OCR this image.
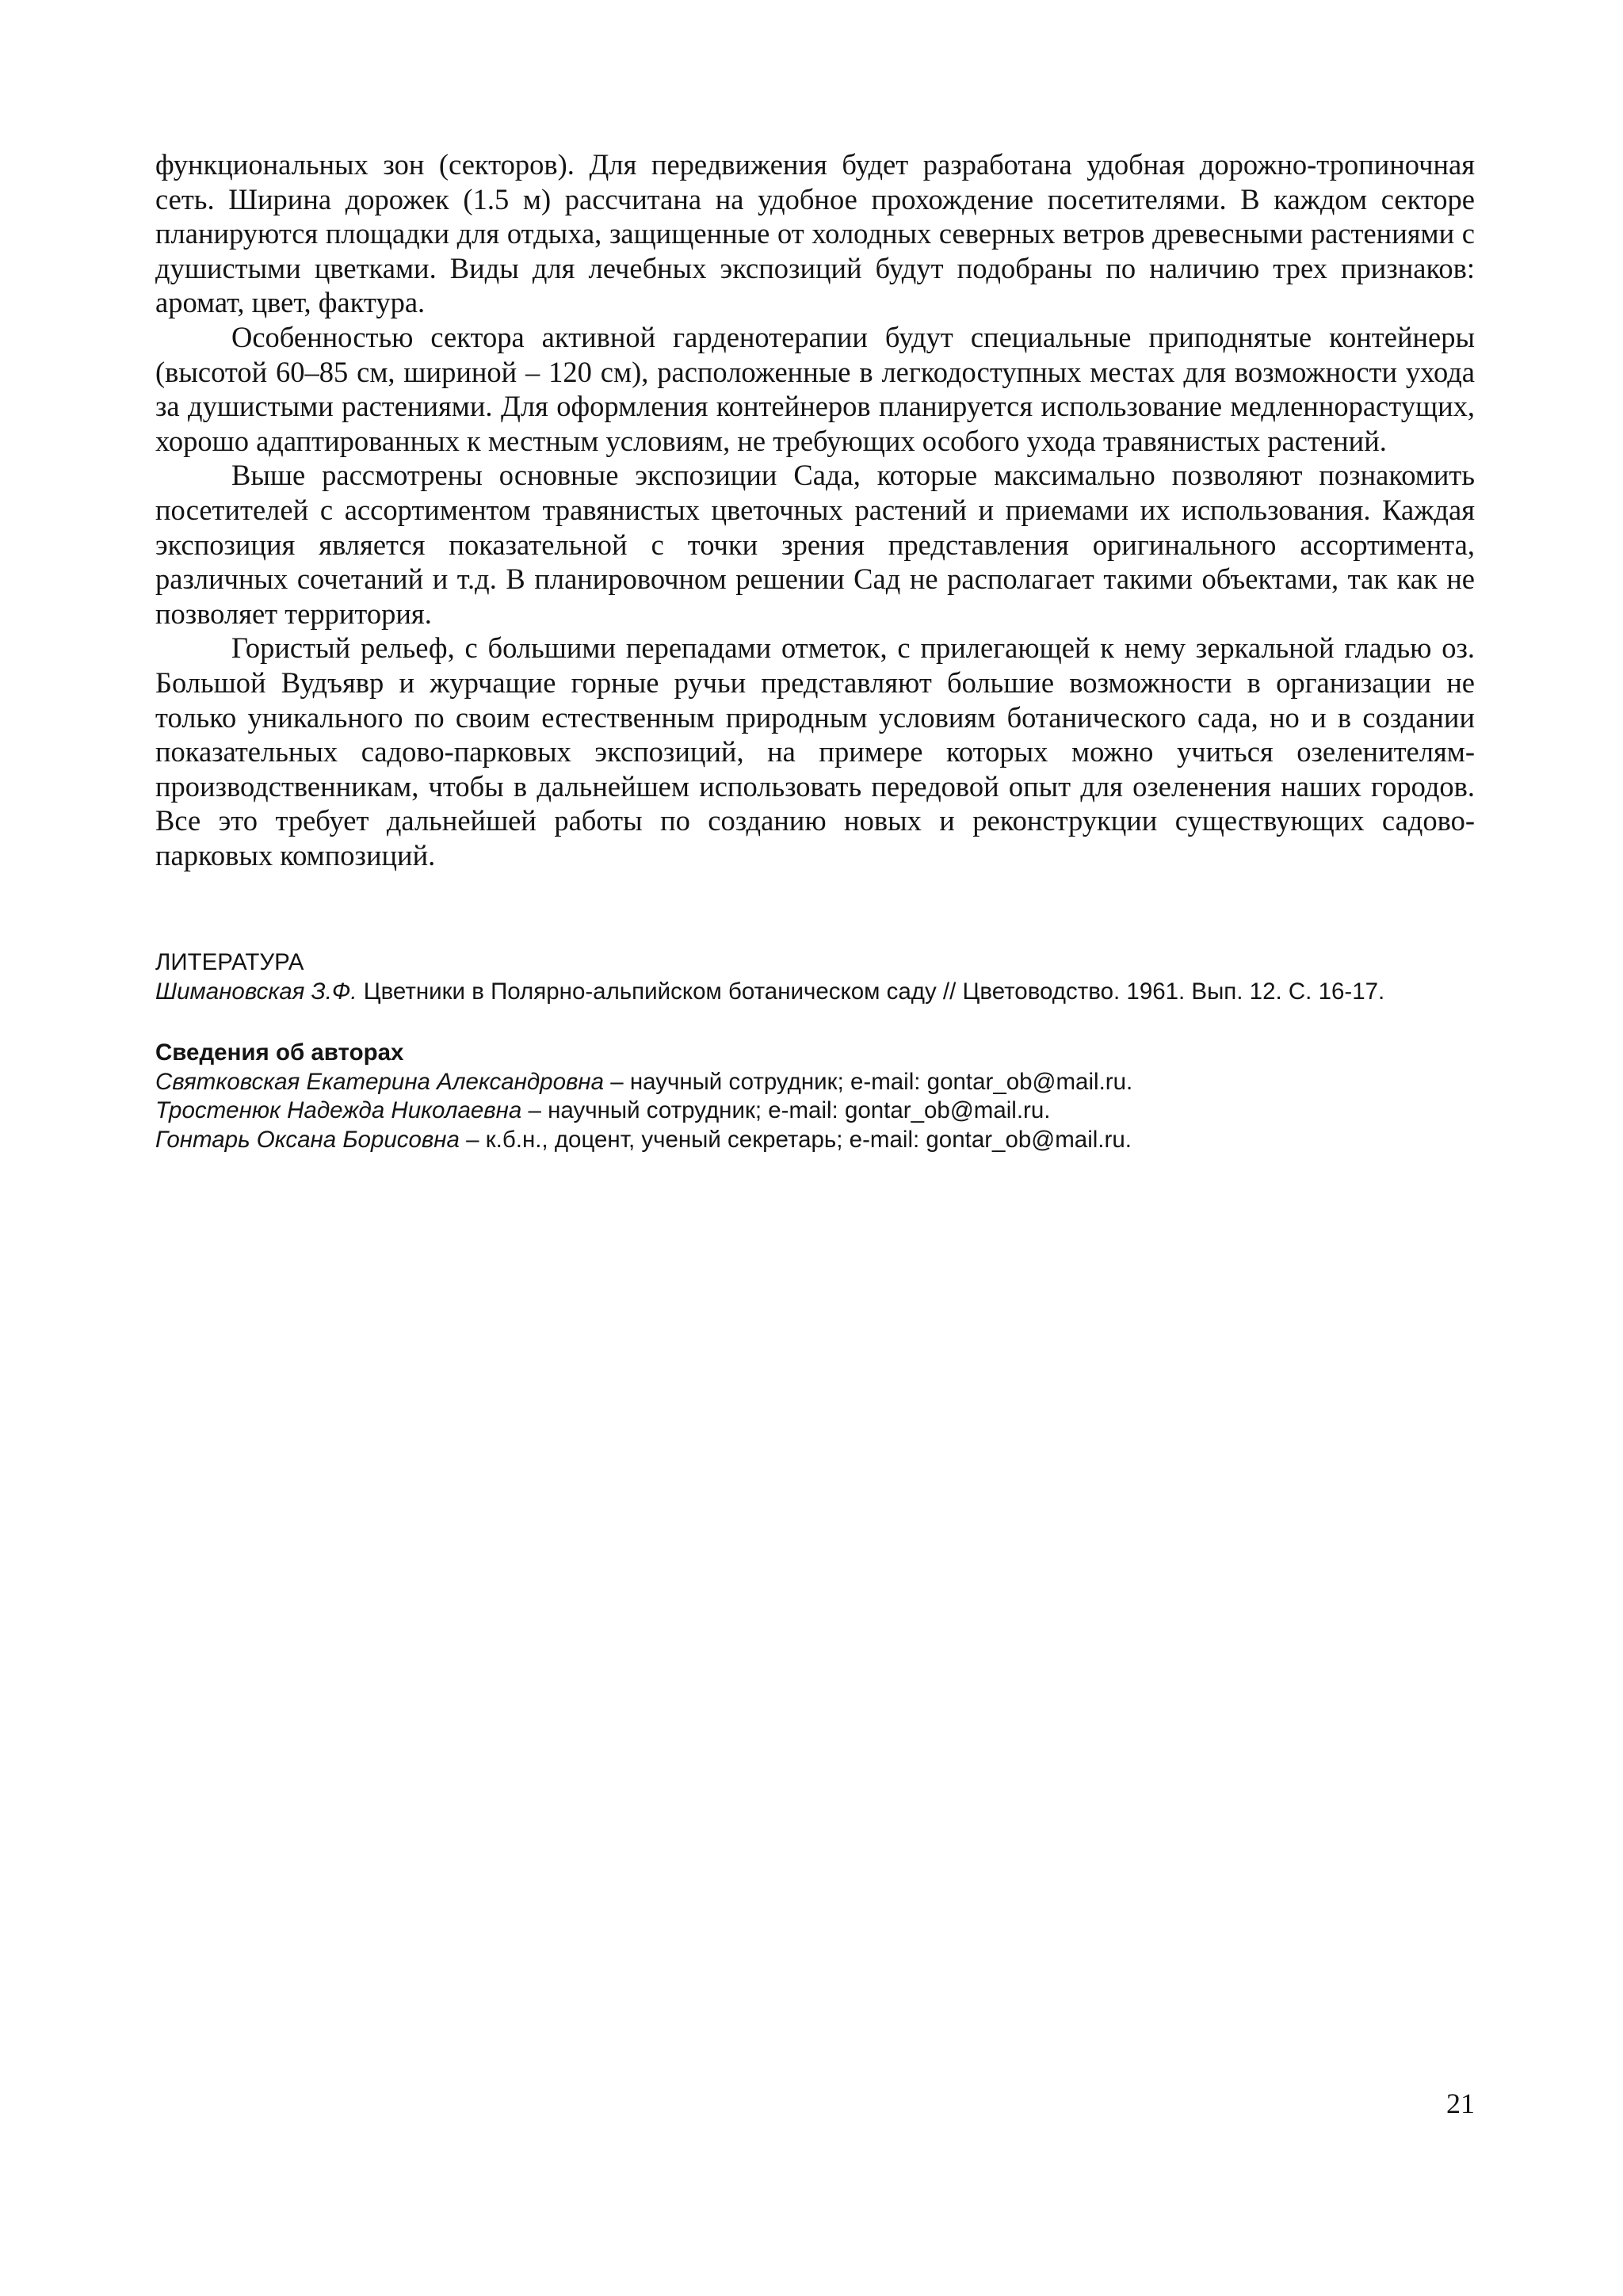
функциональных зон (секторов). Для передвижения будет разработана удобная дорожно-тропиночная сеть. Ширина дорожек (1.5 м) рассчитана на удобное прохождение посетителями. В каждом секторе планируются площадки для отдыха, защищенные от холодных северных ветров древесными растениями с душистыми цветками. Виды для лечебных экспозиций будут подобраны по наличию трех признаков: аромат, цвет, фактура.

Особенностью сектора активной гарденотерапии будут специальные приподнятые контейнеры (высотой 60–85 см, шириной – 120 см), расположенные в легкодоступных местах для возможности ухода за душистыми растениями. Для оформления контейнеров планируется использование медленнорастущих, хорошо адаптированных к местным условиям, не требующих особого ухода травянистых растений.

Выше рассмотрены основные экспозиции Сада, которые максимально позволяют познакомить посетителей с ассортиментом травянистых цветочных растений и приемами их использования. Каждая экспозиция является показательной с точки зрения представления оригинального ассортимента, различных сочетаний и т.д. В планировочном решении Сад не располагает такими объектами, так как не позволяет территория.

Гористый рельеф, с большими перепадами отметок, с прилегающей к нему зеркальной гладью оз. Большой Вудъявр и журчащие горные ручьи представляют большие возможности в организации не только уникального по своим естественным природным условиям ботанического сада, но и в создании показательных садово-парковых экспозиций, на примере которых можно учиться озеленителям-производственникам, чтобы в дальнейшем использовать передовой опыт для озеленения наших городов. Все это требует дальнейшей работы по созданию новых и реконструкции существующих садово-парковых композиций.

ЛИТЕРАТУРА

Шимановская З.Ф. Цветники в Полярно-альпийском ботаническом саду // Цветоводство. 1961. Вып. 12. С. 16-17.

Сведения об авторах

Святковская Екатерина Александровна – научный сотрудник; e-mail: gontar_ob@mail.ru.

Тростенюк Надежда Николаевна – научный сотрудник; e-mail: gontar_ob@mail.ru.

Гонтарь Оксана Борисовна – к.б.н., доцент, ученый секретарь; e-mail: gontar_ob@mail.ru.

21
